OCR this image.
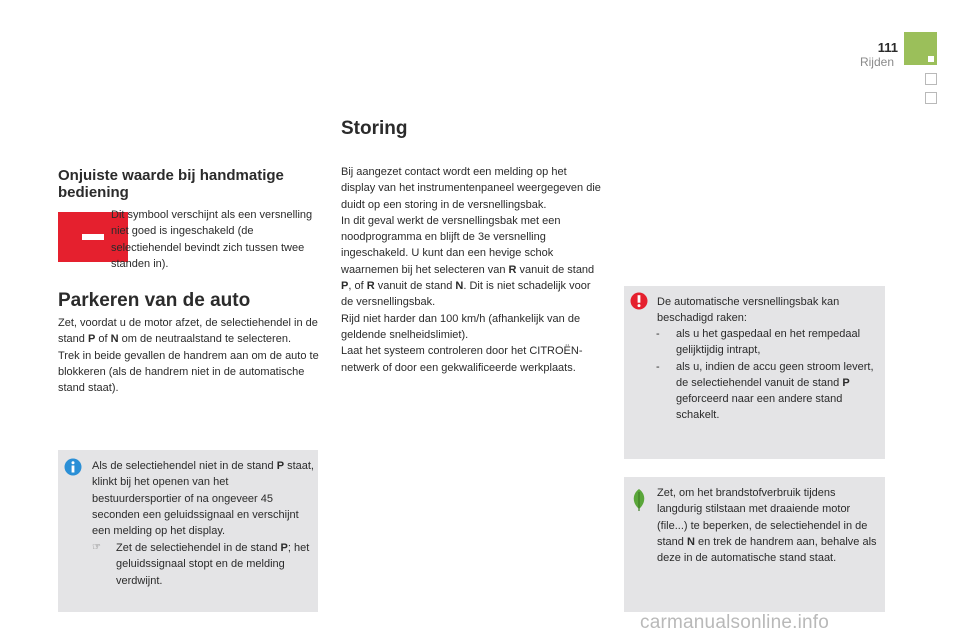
111
Rijden
Onjuiste waarde bij handmatige bediening

Dit symbool verschijnt als een versnelling niet goed is ingeschakeld (de selectiehendel bevindt zich tussen twee standen in).

Parkeren van de auto

Zet, voordat u de motor afzet, de selectiehendel in de stand P of N om de neutraalstand te selecteren.
Trek in beide gevallen de handrem aan om de auto te blokkeren (als de handrem niet in de automatische stand staat).

Als de selectiehendel niet in de stand P staat, klinkt bij het openen van het bestuurdersportier of na ongeveer 45 seconden een geluidssignaal en verschijnt een melding op het display.

☞ Zet de selectiehendel in de stand P; het geluidssignaal stopt en de melding verdwijnt.
Storing

Bij aangezet contact wordt een melding op het display van het instrumentenpaneel weergegeven die duidt op een storing in de versnellingsbak.
In dit geval werkt de versnellingsbak met een noodprogramma en blijft de 3e versnelling ingeschakeld. U kunt dan een hevige schok waarnemen bij het selecteren van R vanuit de stand P, of R vanuit de stand N. Dit is niet schadelijk voor de versnellingsbak.
Rijd niet harder dan 100 km/h (afhankelijk van de geldende snelheidslimiet).
Laat het systeem controleren door het CITROËN-netwerk of door een gekwalificeerde werkplaats.

De automatische versnellingsbak kan beschadigd raken:

- als u het gaspedaal en het rempedaal gelijktijdig intrapt,
- als u, indien de accu geen stroom levert, de selectiehendel vanuit de stand P geforceerd naar een andere stand schakelt.

Zet, om het brandstofverbruik tijdens langdurig stilstaan met draaiende motor (file...) te beperken, de selectiehendel in de stand N en trek de handrem aan, behalve als deze in de automatische stand staat.

carmanualsonline.info
